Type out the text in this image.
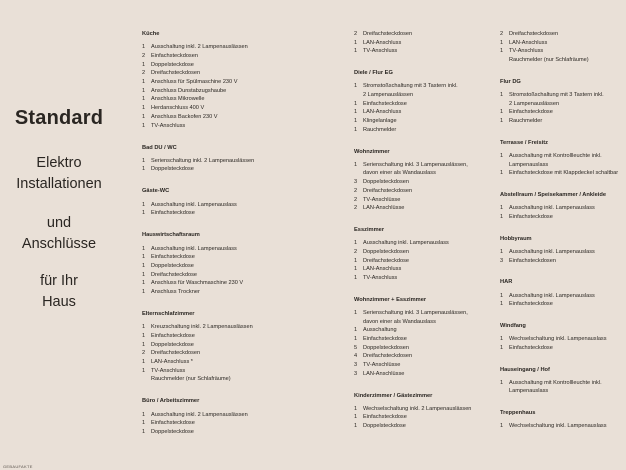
Standard
Elektro
Installationen
und
Anschlüsse
für Ihr
Haus
GEBAUFAKTE
Küche
1	Ausschaltung inkl. 2 Lampenauslässen
2	Einfachsteckdosen
1	Doppelsteckdose
2	Dreifachsteckdosen
1	Anschluss für Spülmaschine 230 V
1	Anschluss Dunstabzugshaube
1	Anschluss Mikrowelle
1	Herdanschluss 400 V
1	Anschluss Backofen 230 V
1	TV-Anschluss
Bad DU / WC
1	Serienschaltung inkl. 2 Lampenauslässen
1	Doppelsteckdose
Gäste-WC
1	Ausschaltung inkl. Lampenauslass
1	Einfachsteckdose
Hauswirtschaftsraum
1	Ausschaltung inkl. Lampenauslass
1	Einfachsteckdose
1	Doppelsteckdose
1	Dreifachsteckdose
1	Anschluss für Waschmaschine 230 V
1	Anschluss Trockner
Elternschlafzimmer
1	Kreuzschaltung inkl. 2 Lampenauslässen
1	Einfachsteckdose
1	Doppelsteckdose
2	Dreifachsteckdosen
1	LAN-Anschluss *
1	TV-Anschluss
Rauchmelder (nur Schlafräume)
Büro / Arbeitszimmer
1	Ausschaltung inkl. 2 Lampenauslässen
1	Einfachsteckdose
1	Doppelsteckdose
2	Dreifachsteckdosen
1	LAN-Anschluss
1	TV-Anschluss
Diele / Flur EG
1	Stromstoßschaltung mit 3 Tastern inkl.
2 Lampenauslässen
1	Einfachsteckdose
1	LAN-Anschluss
1	Klingelanlage
1	Rauchmelder
Wohnzimmer
1	Serienschaltung inkl. 3 Lampenauslässen,
davon einer als Wandauslass
3	Doppelsteckdosen
2	Dreifachsteckdosen
2	TV-Anschlüsse
2	LAN-Anschlüsse
Esszimmer
1	Ausschaltung inkl. Lampenauslass
2	Doppelsteckdosen
1	Dreifachsteckdose
1	LAN-Anschluss
1	TV-Anschluss
Wohnzimmer + Esszimmer
1	Serienschaltung inkl. 3 Lampenauslässen,
davon einer als Wandauslass
1	Ausschaltung
1	Einfachsteckdose
5	Doppelsteckdosen
4	Dreifachsteckdosen
3	TV-Anschlüsse
3	LAN-Anschlüsse
Kinderzimmer / Gästezimmer
1	Wechselschaltung inkl. 2 Lampenauslässen
1	Einfachsteckdose
1	Doppelsteckdose
2	Dreifachsteckdosen
1	LAN-Anschluss
1	TV-Anschluss
Rauchmelder (nur Schlafräume)
Flur DG
1	Stromstoßschaltung mit 3 Tastern inkl.
2 Lampenauslässen
1	Einfachsteckdose
1	Rauchmelder
Terrasse / Freisitz
1	Ausschaltung mit Kontrollleuchte inkl.
Lampenauslass
1	Einfachsteckdose mit Klappdeckel schaltbar
Abstellraum / Speisekammer / Ankleide
1	Ausschaltung inkl. Lampenauslass
1	Einfachsteckdose
Hobbyraum
1	Ausschaltung inkl. Lampenauslass
3	Einfachsteckdosen
HAR
1	Ausschaltung inkl. Lampenauslass
1	Einfachsteckdose
Windfang
1	Wechselschaltung inkl. Lampenauslass
1	Einfachsteckdose
Hauseingang / Hof
1	Ausschaltung mit Kontrollleuchte inkl.
Lampenauslass
Treppenhaus
1	Wechselschaltung inkl. Lampenauslass
